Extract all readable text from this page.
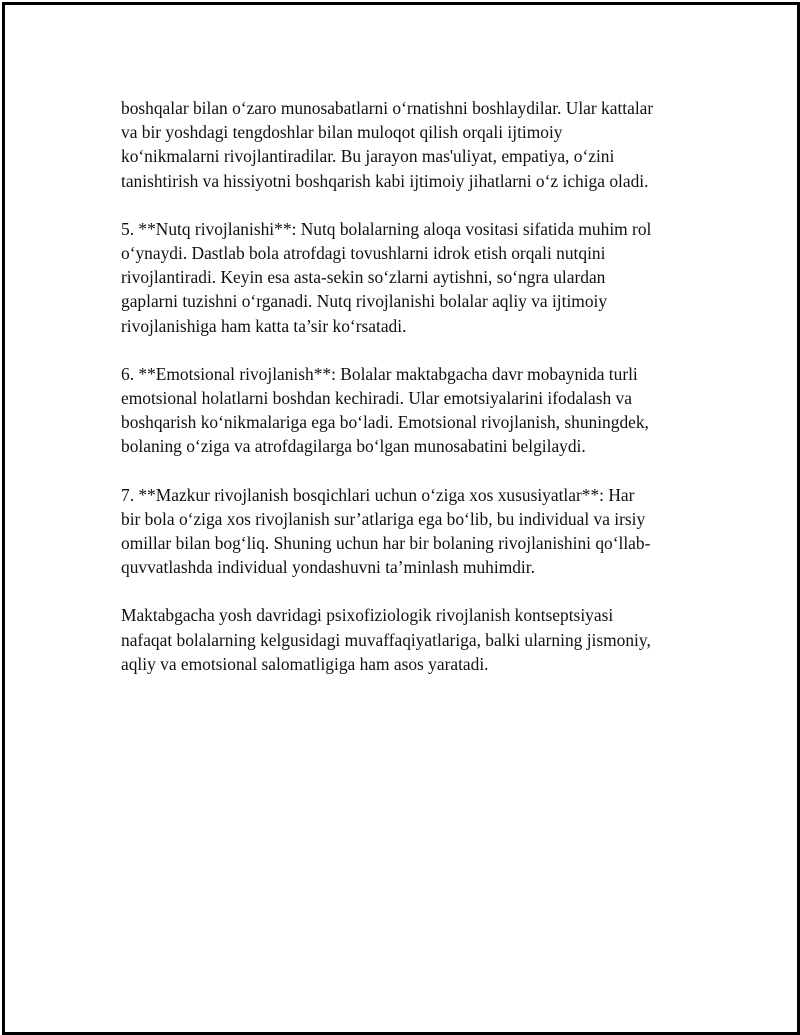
boshqalar bilan o‘zaro munosabatlarni o‘rnatishni boshlaydilar. Ular kattalar
va bir yoshdagi tengdoshlar bilan muloqot qilish orqali ijtimoiy
ko‘nikmalarni rivojlantiradilar. Bu jarayon mas'uliyat, empatiya, o‘zini
tanishtirish va hissiyotni boshqarish kabi ijtimoiy jihatlarni o‘z ichiga oladi.

5. **Nutq rivojlanishi**: Nutq bolalarning aloqa vositasi sifatida muhim rol
o‘ynaydi. Dastlab bola atrofdagi tovushlarni idrok etish orqali nutqini
rivojlantiradi. Keyin esa asta-sekin so‘zlarni aytishni, so‘ngra ulardan
gaplarni tuzishni o‘rganadi. Nutq rivojlanishi bolalar aqliy va ijtimoiy
rivojlanishiga ham katta ta’sir ko‘rsatadi.

6. **Emotsional rivojlanish**: Bolalar maktabgacha davr mobaynida turli
emotsional holatlarni boshdan kechiradi. Ular emotsiyalarini ifodalash va
boshqarish ko‘nikmalariga ega bo‘ladi. Emotsional rivojlanish, shuningdek,
bolaning o‘ziga va atrofdagilarga bo‘lgan munosabatini belgilaydi.

7. **Mazkur rivojlanish bosqichlari uchun o‘ziga xos xususiyatlar**: Har
bir bola o‘ziga xos rivojlanish sur’atlariga ega bo‘lib, bu individual va irsiy
omillar bilan bog‘liq. Shuning uchun har bir bolaning rivojlanishini qo‘llab-
quvvatlashda individual yondashuvni ta’minlash muhimdir.

Maktabgacha yosh davridagi psixofiziologik rivojlanish kontseptsiyasi
nafaqat bolalarning kelgusidagi muvaffaqiyatlariga, balki ularning jismoniy,
aqliy va emotsional salomatligiga ham asos yaratadi.
